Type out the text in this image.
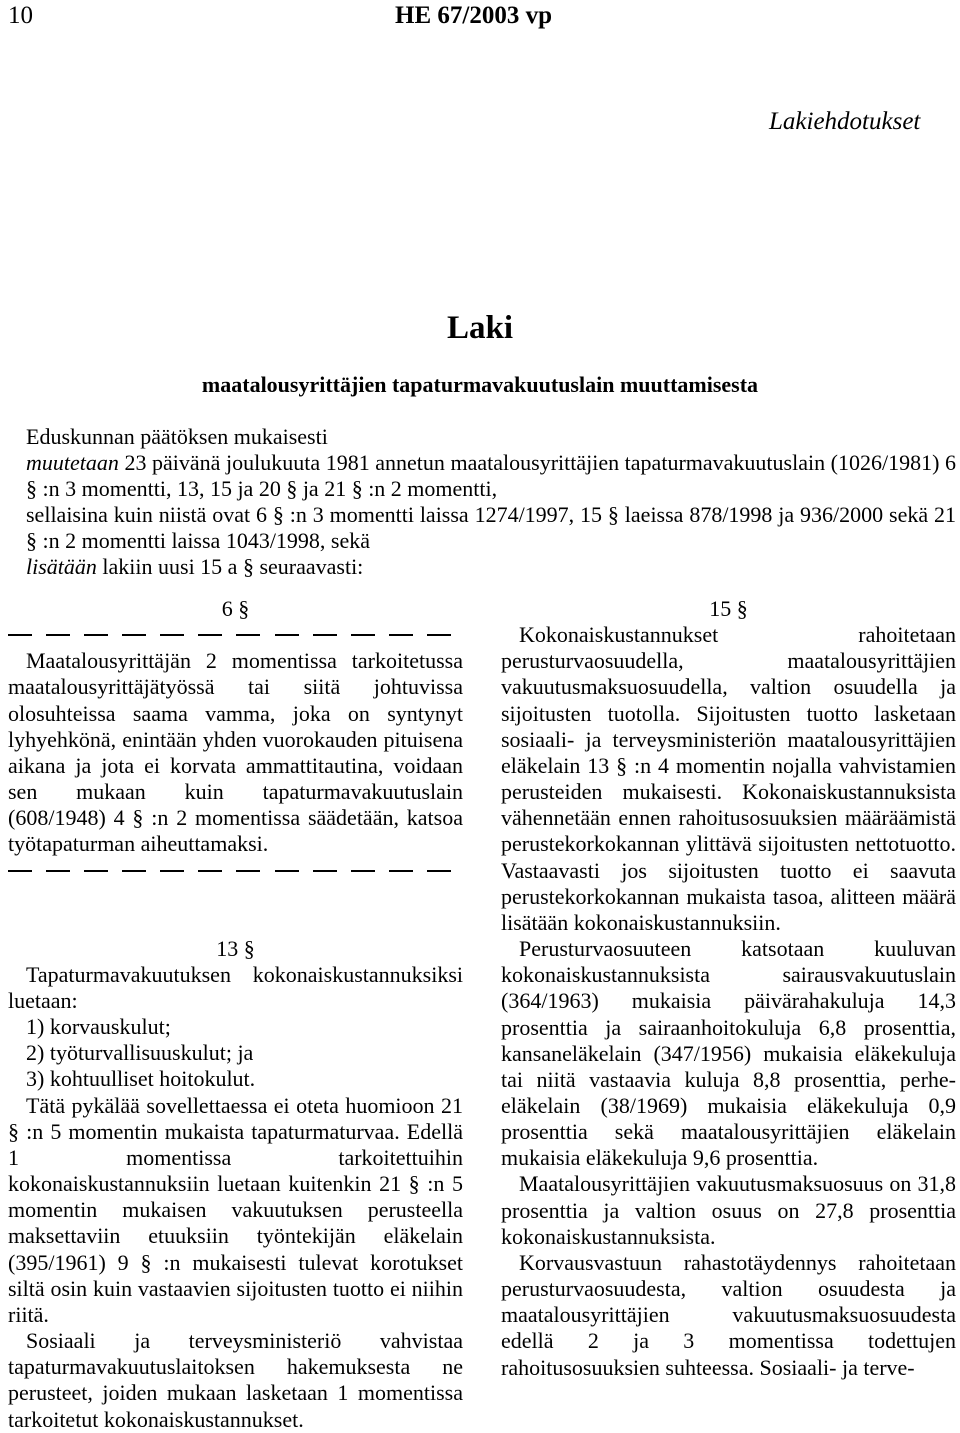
10	HE 67/2003 vp
Lakiehdotukset
Laki
maatalousyrittäjien tapaturmavakuutuslain muuttamisesta

Eduskunnan päätöksen mukaisesti

muutetaan 23 päivänä joulukuuta 1981 annetun maatalousyrittäjien tapaturmavakuutuslain (1026/1981) 6 § :n 3 momentti, 13, 15 ja 20 § ja 21 § :n 2 momentti,

sellaisina kuin niistä ovat 6 § :n 3 momentti laissa 1274/1997, 15 § laeissa 878/1998 ja 936/2000 sekä 21 § :n 2 momentti laissa 1043/1998, sekä

lisätään lakiin uusi 15 a § seuraavasti:

6 §

Maatalousyrittäjän 2 momentissa tarkoitetussa maatalousyrittäjätyössä tai siitä johtuvissa olosuhteissa saama vamma, joka on syntynyt lyhyehkönä, enintään yhden vuorokauden pituisena aikana ja jota ei korvata ammattitautina, voidaan sen mukaan kuin tapaturmavakuutuslain (608/1948) 4 § :n 2 momentissa säädetään, katsoa työtapaturman aiheuttamaksi.

13 §

Tapaturmavakuutuksen kokonaiskustannuksiksi luetaan:

1) korvauskulut;

2) työturvallisuuskulut; ja

3) kohtuulliset hoitokulut.

Tätä pykälää sovellettaessa ei oteta huomioon 21 § :n 5 momentin mukaista tapaturmaturvaa. Edellä 1 momentissa tarkoitettuihin kokonaiskustannuksiin luetaan kuitenkin 21 § :n 5 momentin mukaisen vakuutuksen perusteella maksettaviin etuuksiin työntekijän eläkelain (395/1961) 9 § :n mukaisesti tulevat korotukset siltä osin kuin vastaavien sijoitusten tuotto ei niihin riitä.

Sosiaali ja terveysministeriö vahvistaa tapaturmavakuutuslaitoksen hakemuksesta ne perusteet, joiden mukaan lasketaan 1 momentissa tarkoitetut kokonaiskustannukset.

15 §

Kokonaiskustannukset rahoitetaan perusturvaosuudella, maatalousyrittäjien vakuutusmaksuosuudella, valtion osuudella ja sijoitusten tuotolla. Sijoitusten tuotto lasketaan sosiaali- ja terveysministeriön maatalousyrittäjien eläkelain 13 § :n 4 momentin nojalla vahvistamien perusteiden mukaisesti. Kokonaiskustannuksista vähennetään ennen rahoitusosuuksien määräämistä perustekorkokannan ylittävä sijoitusten nettotuotto. Vastaavasti jos sijoitusten tuotto ei saavuta perustekorkokannan mukaista tasoa, alitteen määrä lisätään kokonaiskustannuksiin.

Perusturvaosuuteen katsotaan kuuluvan kokonaiskustannuksista sairausvakuutuslain (364/1963) mukaisia päivärahakuluja 14,3 prosenttia ja sairaanhoitokuluja 6,8 prosenttia, kansaneläkelain (347/1956) mukaisia eläkekuluja tai niitä vastaavia kuluja 8,8 prosenttia, perhe-eläkelain (38/1969) mukaisia eläkekuluja 0,9 prosenttia sekä maatalousyrittäjien eläkelain mukaisia eläkekuluja 9,6 prosenttia.

Maatalousyrittäjien vakuutusmaksuosuus on 31,8 prosenttia ja valtion osuus on 27,8 prosenttia kokonaiskustannuksista.

Korvausvastuun rahastotäydennys rahoitetaan perusturvaosuudesta, valtion osuudesta ja maatalousyrittäjien vakuutusmaksuosuudesta edellä 2 ja 3 momentissa todettujen rahoitusosuuksien suhteessa. Sosiaali- ja terve-
